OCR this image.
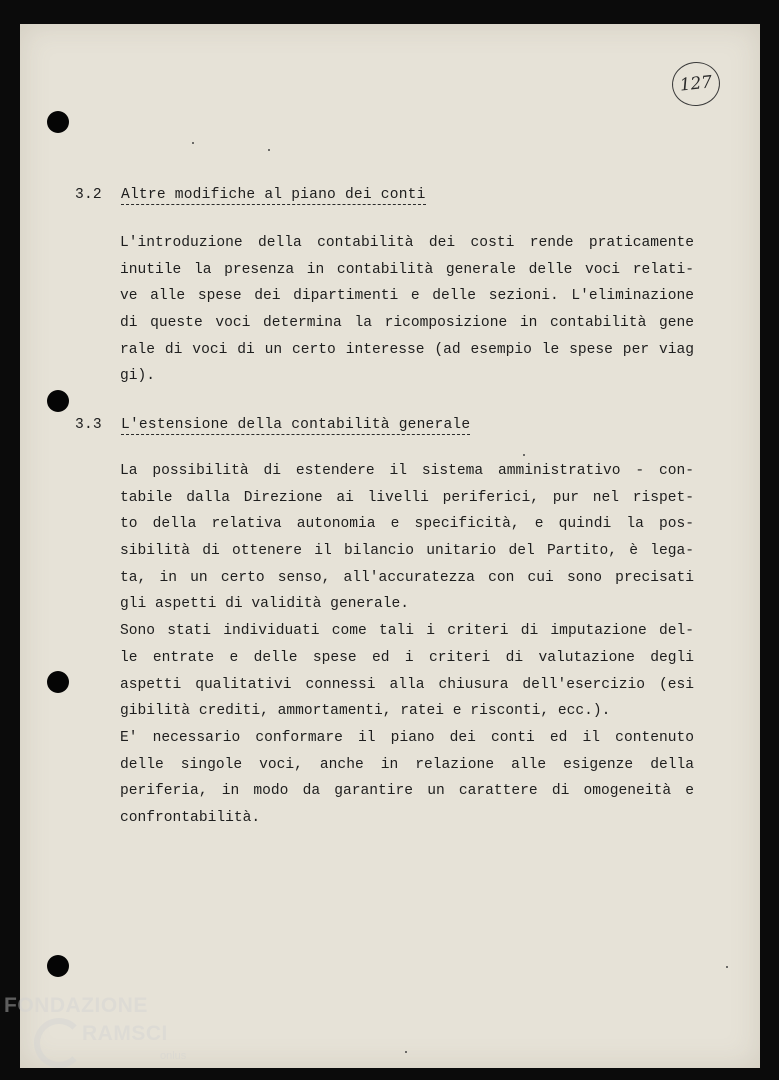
127
3.2 Altre modifiche al piano dei conti
L'introduzione della contabilità dei costi rende praticamente
inutile la presenza in contabilità generale delle voci relati-
ve alle spese dei dipartimenti e delle sezioni. L'eliminazione
di queste voci determina la ricomposizione in contabilità gene
rale di voci di un certo interesse (ad esempio le spese per viag
gi).
3.3 L'estensione della contabilità generale
La possibilità di estendere il sistema amministrativo - con-
tabile dalla Direzione ai livelli periferici, pur nel rispet-
to della relativa autonomia e specificità, e quindi la pos-
sibilità di ottenere il bilancio unitario del Partito, è lega-
ta, in un certo senso, all'accuratezza con cui sono precisati
gli aspetti di validità generale.
Sono stati individuati come tali i criteri di imputazione del-
le entrate e delle spese ed i criteri di valutazione degli
aspetti qualitativi connessi alla chiusura dell'esercizio (esi
gibilità crediti, ammortamenti, ratei e risconti, ecc.).
E' necessario conformare il piano dei conti ed il contenuto
delle singole voci, anche in relazione alle esigenze della
periferia, in modo da garantire un carattere di omogeneità e
confrontabilità.
FONDAZIONE
RAMSCI
onlus
